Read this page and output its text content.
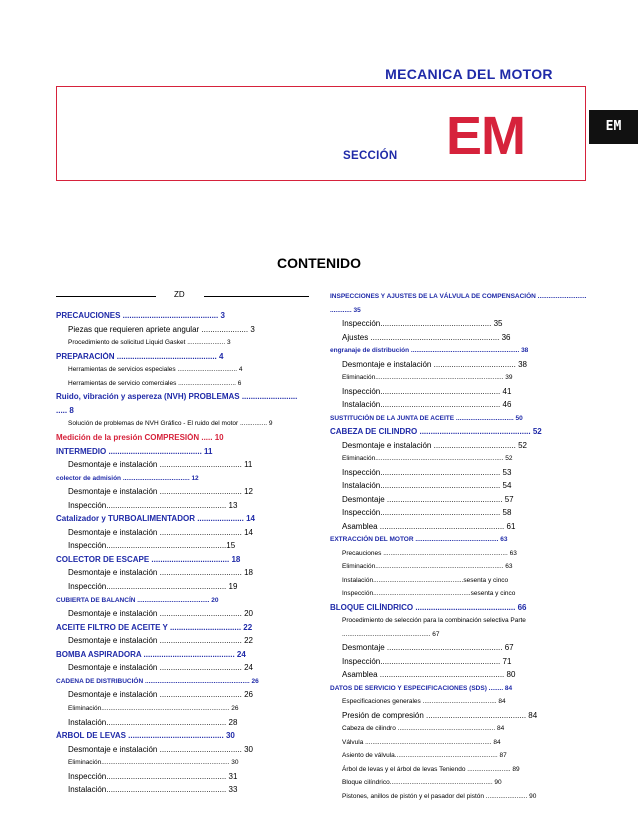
MECANICA DEL MOTOR
SECCIÓN EM	EM
CONTENIDO
ZD
PRECAUCIONES ........................................... 3
Piezas que requieren apriete angular ..................... 3
Procedimiento de solicitud Liquid Gasket ..................... 3
PREPARACIÓN ............................................. 4
Herramientas de servicios especiales ................................. 4
Herramientas de servicio comerciales ................................ 6
Ruido, vibración y aspereza (NVH) PROBLEMAS .........................
..... 8
Solución de problemas de NVH Gráfico - El ruido del motor ............... 9
Medición de la presión COMPRESIÓN ..... 10
INTERMEDIO .......................................... 11
Desmontaje e instalación ..................................... 11
colector de admisión ..................................... 12
Desmontaje e instalación ..................................... 12
Inspección...................................................... 13
Catalizador y TURBOALIMENTADOR ..................... 14
Desmontaje e instalación ..................................... 14
Inspección......................................................15
COLECTOR DE ESCAPE ................................... 18
Desmontaje e instalación ..................................... 18
Inspección...................................................... 19
CUBIERTA DE BALANCÍN ........................................ 20
Desmontaje e instalación ..................................... 20
ACEITE FILTRO DE ACEITE Y ................................ 22
Desmontaje e instalación ..................................... 22
BOMBA ASPIRADORA ......................................... 24
Desmontaje e instalación ..................................... 24
CADENA DE DISTRIBUCIÓN .......................................................... 26
Desmontaje e instalación ..................................... 26
Eliminación....................................................................... 26
Instalación...................................................... 28
ÁRBOL DE LEVAS ........................................... 30
Desmontaje e instalación ..................................... 30
Eliminación....................................................................... 30
Inspección...................................................... 31
Instalación...................................................... 33
INSPECCIONES Y AJUSTES DE LA VÁLVULA DE COMPENSACIÓN ...........................
............ 35
Inspección.................................................. 35
Ajustes .......................................................... 36
engranaje de distribución ............................................................ 38
Desmontaje e instalación ..................................... 38
Eliminación....................................................................... 39
Inspección...................................................... 41
Instalación...................................................... 46
SUSTITUCIÓN DE LA JUNTA DE ACEITE ................................ 50
CABEZA DE CILINDRO .................................................. 52
Desmontaje e instalación ..................................... 52
Eliminación....................................................................... 52
Inspección...................................................... 53
Instalación...................................................... 54
Desmontaje .................................................... 57
Inspección...................................................... 58
Asamblea ........................................................ 61
EXTRACCIÓN DEL MOTOR .............................................. 63
Precauciones ..................................................................... 63
Eliminación....................................................................... 63
Instalación..................................................sesenta y cinco
Inspección......................................................sesenta y cinco
BLOQUE CILÍNDRICO ............................................. 66
Procedimiento de selección para la combinación selectiva Parte
................................................. 67
Desmontaje .................................................... 67
Inspección...................................................... 71
Asamblea ........................................................ 80
DATOS DE SERVICIO Y ESPECIFICACIONES (SDS) ........ 84
Especificaciones generales ......................................... 84
Presión de compresión ............................................. 84
Cabeza de cilindro ...................................................... 84
Válvula ...................................................................... 84
Asiento de válvula......................................................... 87
Árbol de levas y el árbol de levas Teniendo ........................ 89
Bloque cilíndrico......................................................... 90
Pistones, anillos de pistón y el pasador del pistón ....................... 90
